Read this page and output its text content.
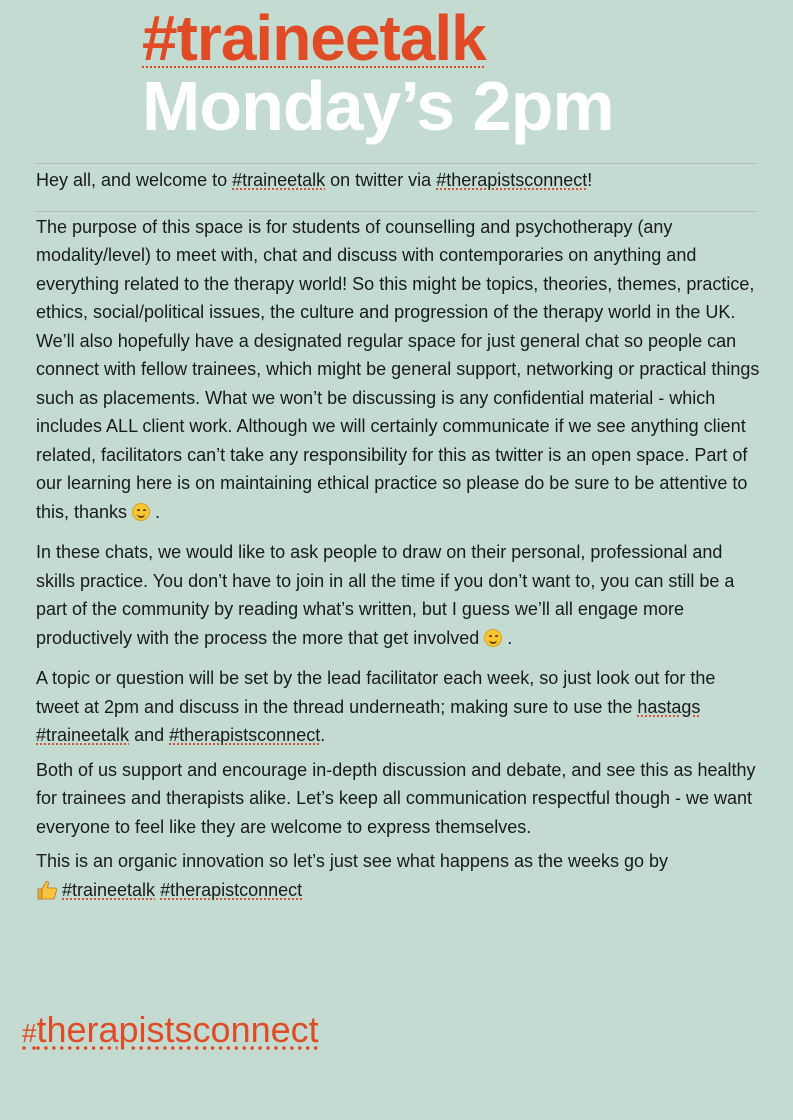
#traineetalk
Monday’s 2pm

Hey all, and welcome to #traineetalk on twitter via #therapistsconnect!

The purpose of this space is for students of counselling and psychotherapy (any modality/level) to meet with, chat and discuss with contemporaries on anything and everything related to the therapy world! So this might be topics, theories, themes, practice, ethics, social/political issues, the culture and progression of the therapy world in the UK. We’ll also hopefully have a designated regular space for just general chat so people can connect with fellow trainees, which might be general support, networking or practical things such as placements. What we won’t be discussing is any confidential material - which includes ALL client work. Although we will certainly communicate if we see anything client related, facilitators can’t take any responsibility for this as twitter is an open space. Part of our learning here is on maintaining ethical practice so please do be sure to be attentive to this, thanks
.

In these chats, we would like to ask people to draw on their personal, professional and skills practice. You don’t have to join in all the time if you don’t want to, you can still be a part of the community by reading what’s written, but I guess we’ll all engage more productively with the process the more that get involved
.

A topic or question will be set by the lead facilitator each week, so just look out for the tweet at 2pm and discuss in the thread underneath; making sure to use the hastags #traineetalk and #therapistsconnect.

Both of us support and encourage in-depth discussion and debate, and see this as healthy for trainees and therapists alike. Let’s keep all communication respectful though - we want everyone to feel like they are welcome to express themselves.

This is an organic innovation so let’s just see what happens as the weeks go by
#traineetalk #therapistconnect

#therapistsconnect
